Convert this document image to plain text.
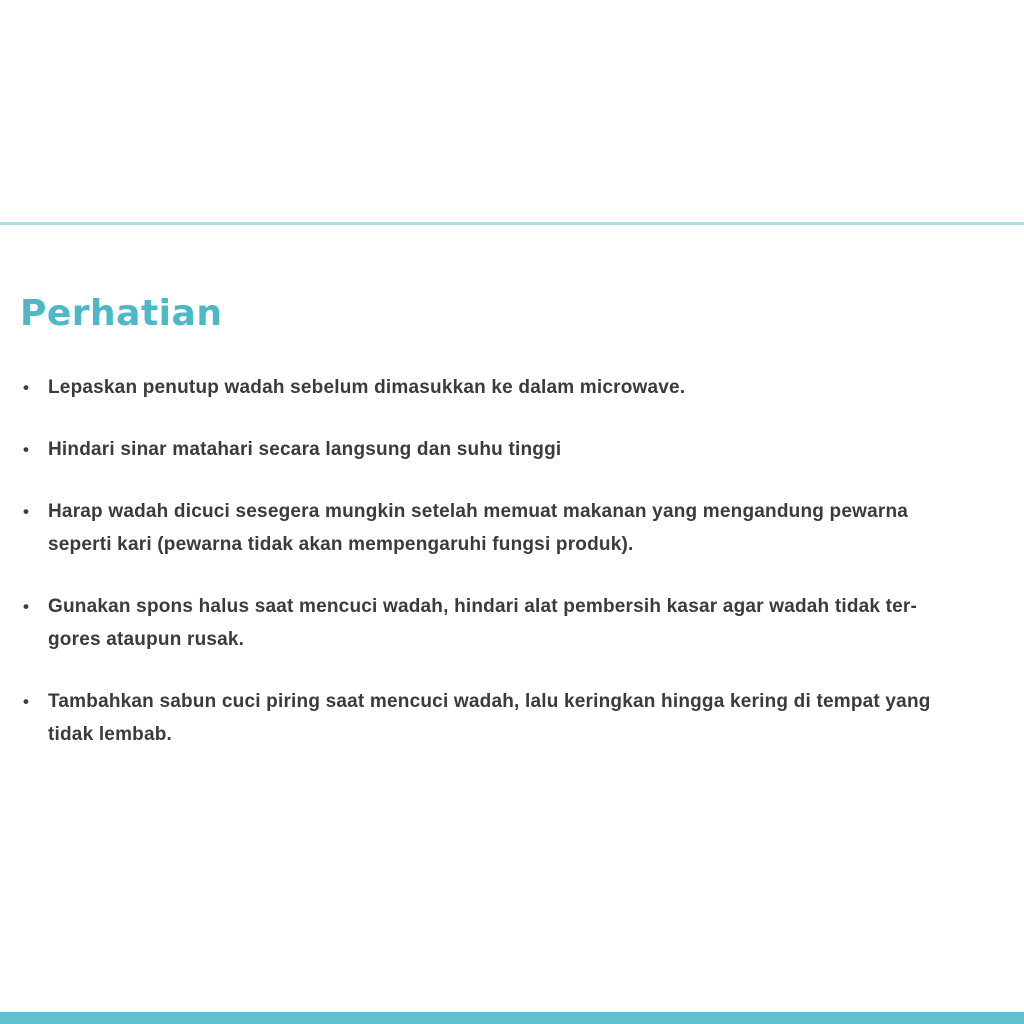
Perhatian
• Lepaskan penutup wadah sebelum dimasukkan ke dalam microwave.
• Hindari sinar matahari secara langsung dan suhu tinggi
• Harap wadah dicuci sesegera mungkin setelah memuat makanan yang mengandung pewarna
seperti kari (pewarna tidak akan mempengaruhi fungsi produk).
• Gunakan spons halus saat mencuci wadah, hindari alat pembersih kasar agar wadah tidak ter-
gores ataupun rusak.
• Tambahkan sabun cuci piring saat mencuci wadah, lalu keringkan hingga kering di tempat yang
tidak lembab.
